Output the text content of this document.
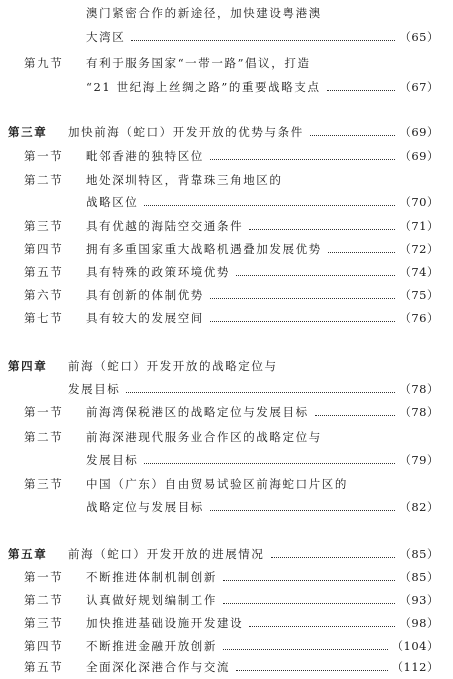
澳门紧密合作的新途径，加快建设粤港澳
大湾区	（65）
第九节	有利于服务国家“一带一路”倡议，打造
“21 世纪海上丝绸之路”的重要战略支点	（67）
第三章	加快前海（蛇口）开发开放的优势与条件	（69）
第一节	毗邻香港的独特区位	（69）
第二节	地处深圳特区，背靠珠三角地区的
战略区位	（70）
第三节	具有优越的海陆空交通条件	（71）
第四节	拥有多重国家重大战略机遇叠加发展优势	（72）
第五节	具有特殊的政策环境优势	（74）
第六节	具有创新的体制优势	（75）
第七节	具有较大的发展空间	（76）
第四章	前海（蛇口）开发开放的战略定位与
发展目标	（78）
第一节	前海湾保税港区的战略定位与发展目标	（78）
第二节	前海深港现代服务业合作区的战略定位与
发展目标	（79）
第三节	中国（广东）自由贸易试验区前海蛇口片区的
战略定位与发展目标	（82）
第五章	前海（蛇口）开发开放的进展情况	（85）
第一节	不断推进体制机制创新	（85）
第二节	认真做好规划编制工作	（93）
第三节	加快推进基础设施开发建设	（98）
第四节	不断推进金融开放创新	（104）
第五节	全面深化深港合作与交流	（112）
